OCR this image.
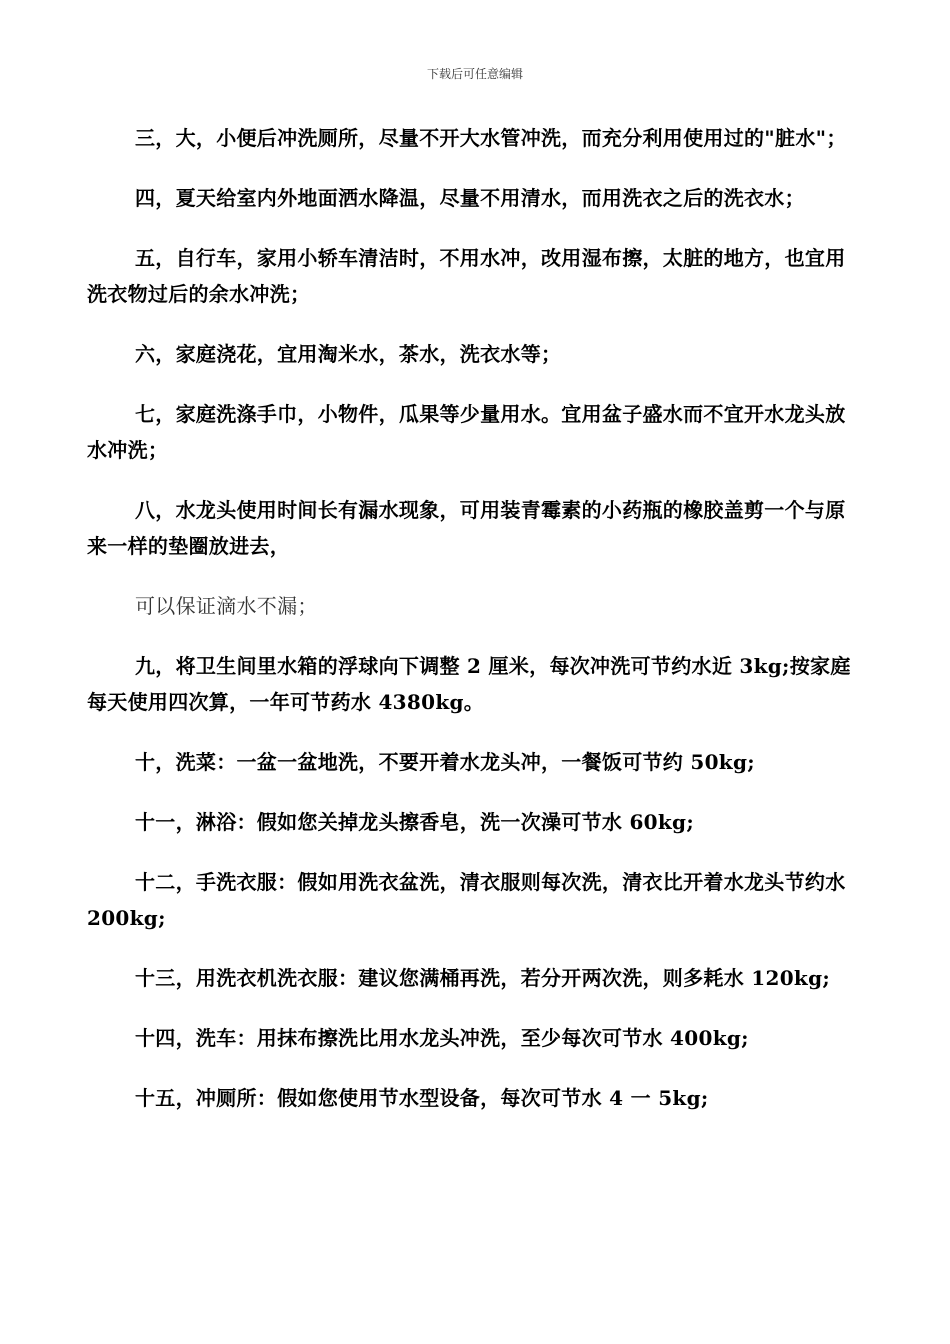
下载后可任意编辑

三，大，小便后冲洗厕所，尽量不开大水管冲洗，而充分利用使用过的"脏水"；

四，夏天给室内外地面洒水降温，尽量不用清水，而用洗衣之后的洗衣水；

五，自行车，家用小轿车清洁时，不用水冲，改用湿布擦，太脏的地方，也宜用洗衣物过后的余水冲洗；

六，家庭浇花，宜用淘米水，茶水，洗衣水等；

七，家庭洗涤手巾，小物件，瓜果等少量用水。宜用盆子盛水而不宜开水龙头放水冲洗；

八，水龙头使用时间长有漏水现象，可用装青霉素的小药瓶的橡胶盖剪一个与原来一样的垫圈放进去，

可以保证滴水不漏；

九，将卫生间里水箱的浮球向下调整 2 厘米，每次冲洗可节约水近 3kg;按家庭每天使用四次算，一年可节药水 4380kg。

十，洗菜：一盆一盆地洗，不要开着水龙头冲，一餐饭可节约 50kg;

十一，淋浴：假如您关掉龙头擦香皂，洗一次澡可节水 60kg;

十二，手洗衣服：假如用洗衣盆洗，清衣服则每次洗，清衣比开着水龙头节约水 200kg;

十三，用洗衣机洗衣服：建议您满桶再洗，若分开两次洗，则多耗水 120kg;

十四，洗车：用抹布擦洗比用水龙头冲洗，至少每次可节水 400kg;

十五，冲厕所：假如您使用节水型设备，每次可节水 4 一 5kg;
